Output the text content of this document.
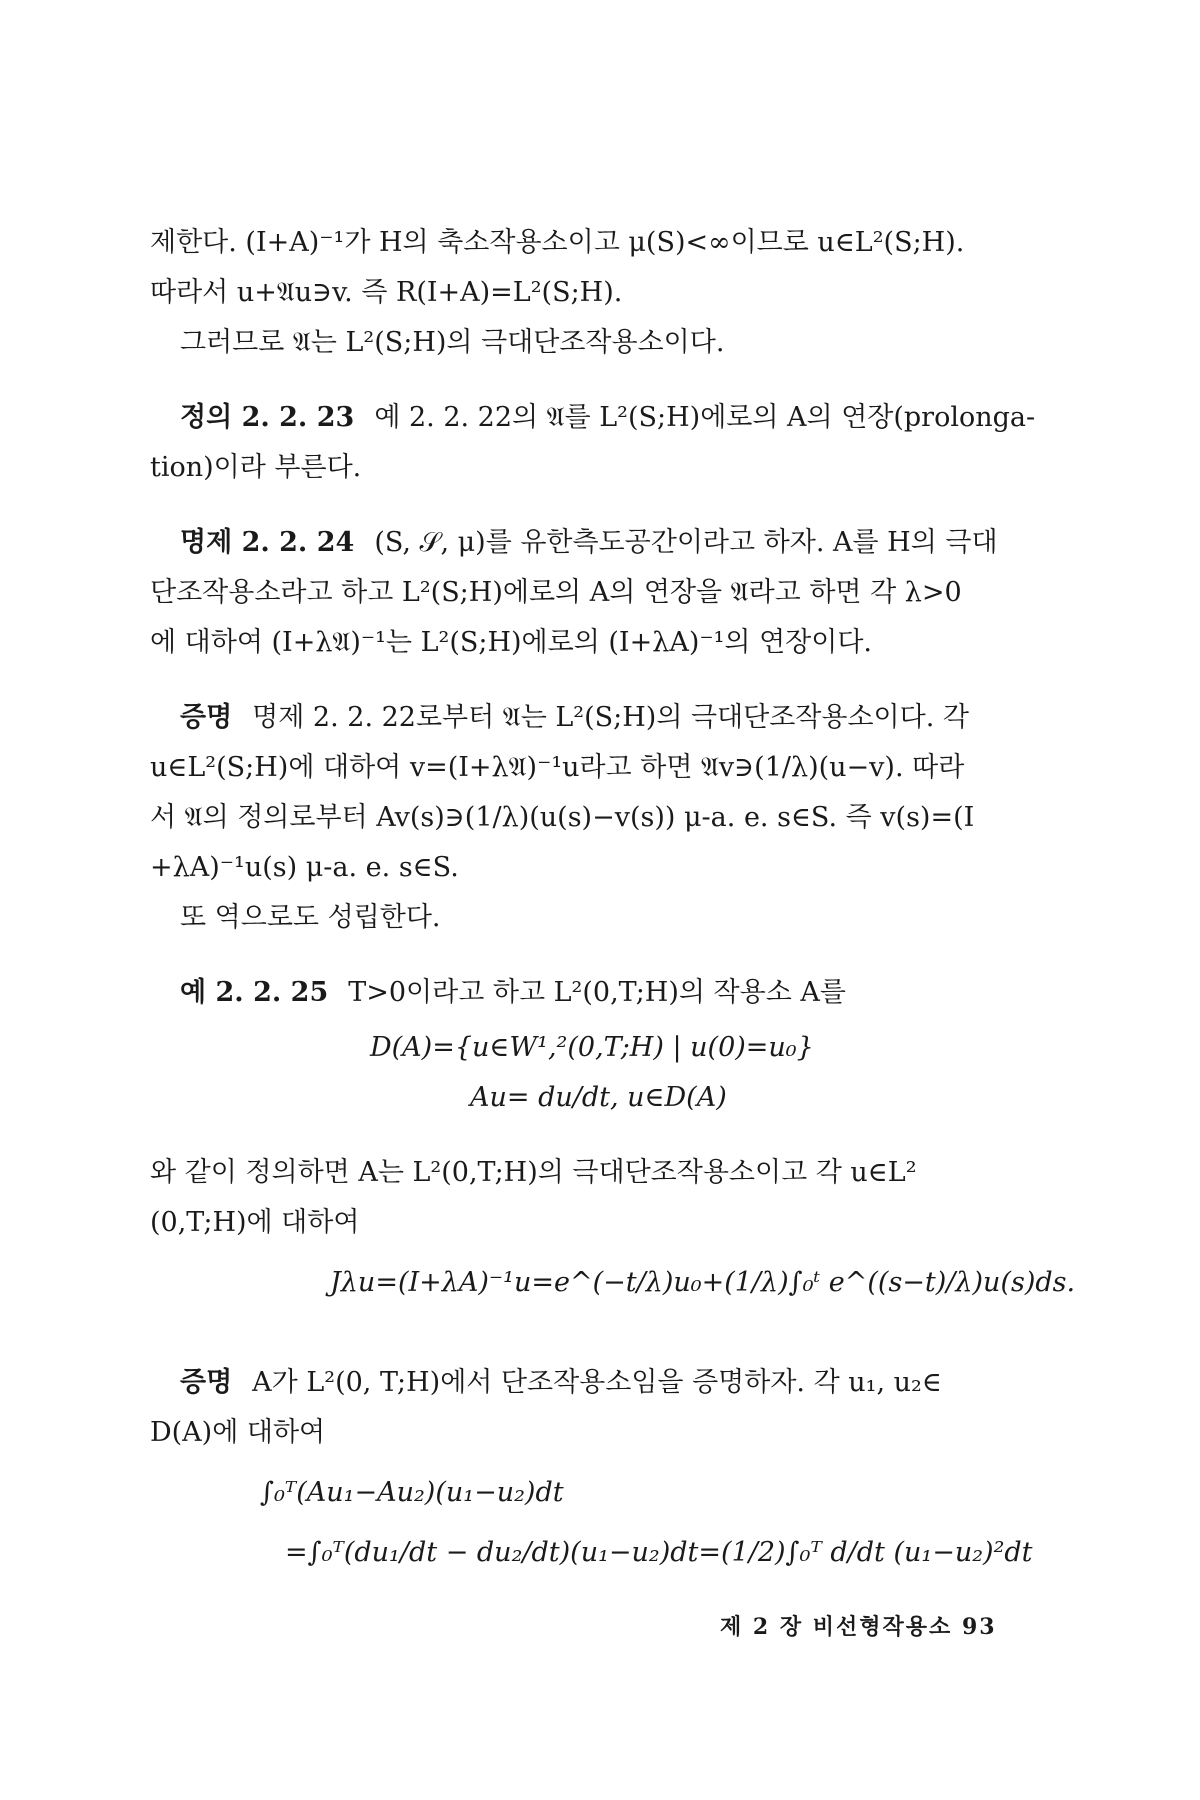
제한다. (I+A)⁻¹가 H의 축소작용소이고 μ(S)<∞이므로 u∈L²(S;H).
따라서 u+𝔄u∋v. 즉 R(I+A)=L²(S;H).
그러므로 𝔄는 L²(S;H)의 극대단조작용소이다.
정의 2. 2. 23 예 2. 2. 22의 𝔄를 L²(S;H)에로의 A의 연장(prolonga-
tion)이라 부른다.
명제 2. 2. 24 (S, 𝒮, μ)를 유한측도공간이라고 하자. A를 H의 극대
단조작용소라고 하고 L²(S;H)에로의 A의 연장을 𝔄라고 하면 각 λ>0
에 대하여 (I+λ𝔄)⁻¹는 L²(S;H)에로의 (I+λA)⁻¹의 연장이다.
증명 명제 2. 2. 22로부터 𝔄는 L²(S;H)의 극대단조작용소이다. 각
u∈L²(S;H)에 대하여 v=(I+λ𝔄)⁻¹u라고 하면 𝔄v∋(1/λ)(u−v). 따라
서 𝔄의 정의로부터 Av(s)∋(1/λ)(u(s)−v(s)) μ-a. e. s∈S. 즉 v(s)=(I
+λA)⁻¹u(s) μ-a. e. s∈S.
또 역으로도 성립한다.
예 2. 2. 25 T>0이라고 하고 L²(0,T;H)의 작용소 A를
D(A)={u∈W¹,²(0,T;H) | u(0)=u₀}
Au= du/dt, u∈D(A)
와 같이 정의하면 A는 L²(0,T;H)의 극대단조작용소이고 각 u∈L²
(0,T;H)에 대하여
Jλu=(I+λA)⁻¹u=e^(−t/λ)u₀+(1/λ)∫₀ᵗ e^((s−t)/λ)u(s)ds.
증명 A가 L²(0, T;H)에서 단조작용소임을 증명하자. 각 u₁, u₂∈
D(A)에 대하여
∫₀ᵀ(Au₁−Au₂)(u₁−u₂)dt
=∫₀ᵀ(du₁/dt − du₂/dt)(u₁−u₂)dt=(1/2)∫₀ᵀ d/dt (u₁−u₂)²dt
제 2 장 비선형작용소 93
